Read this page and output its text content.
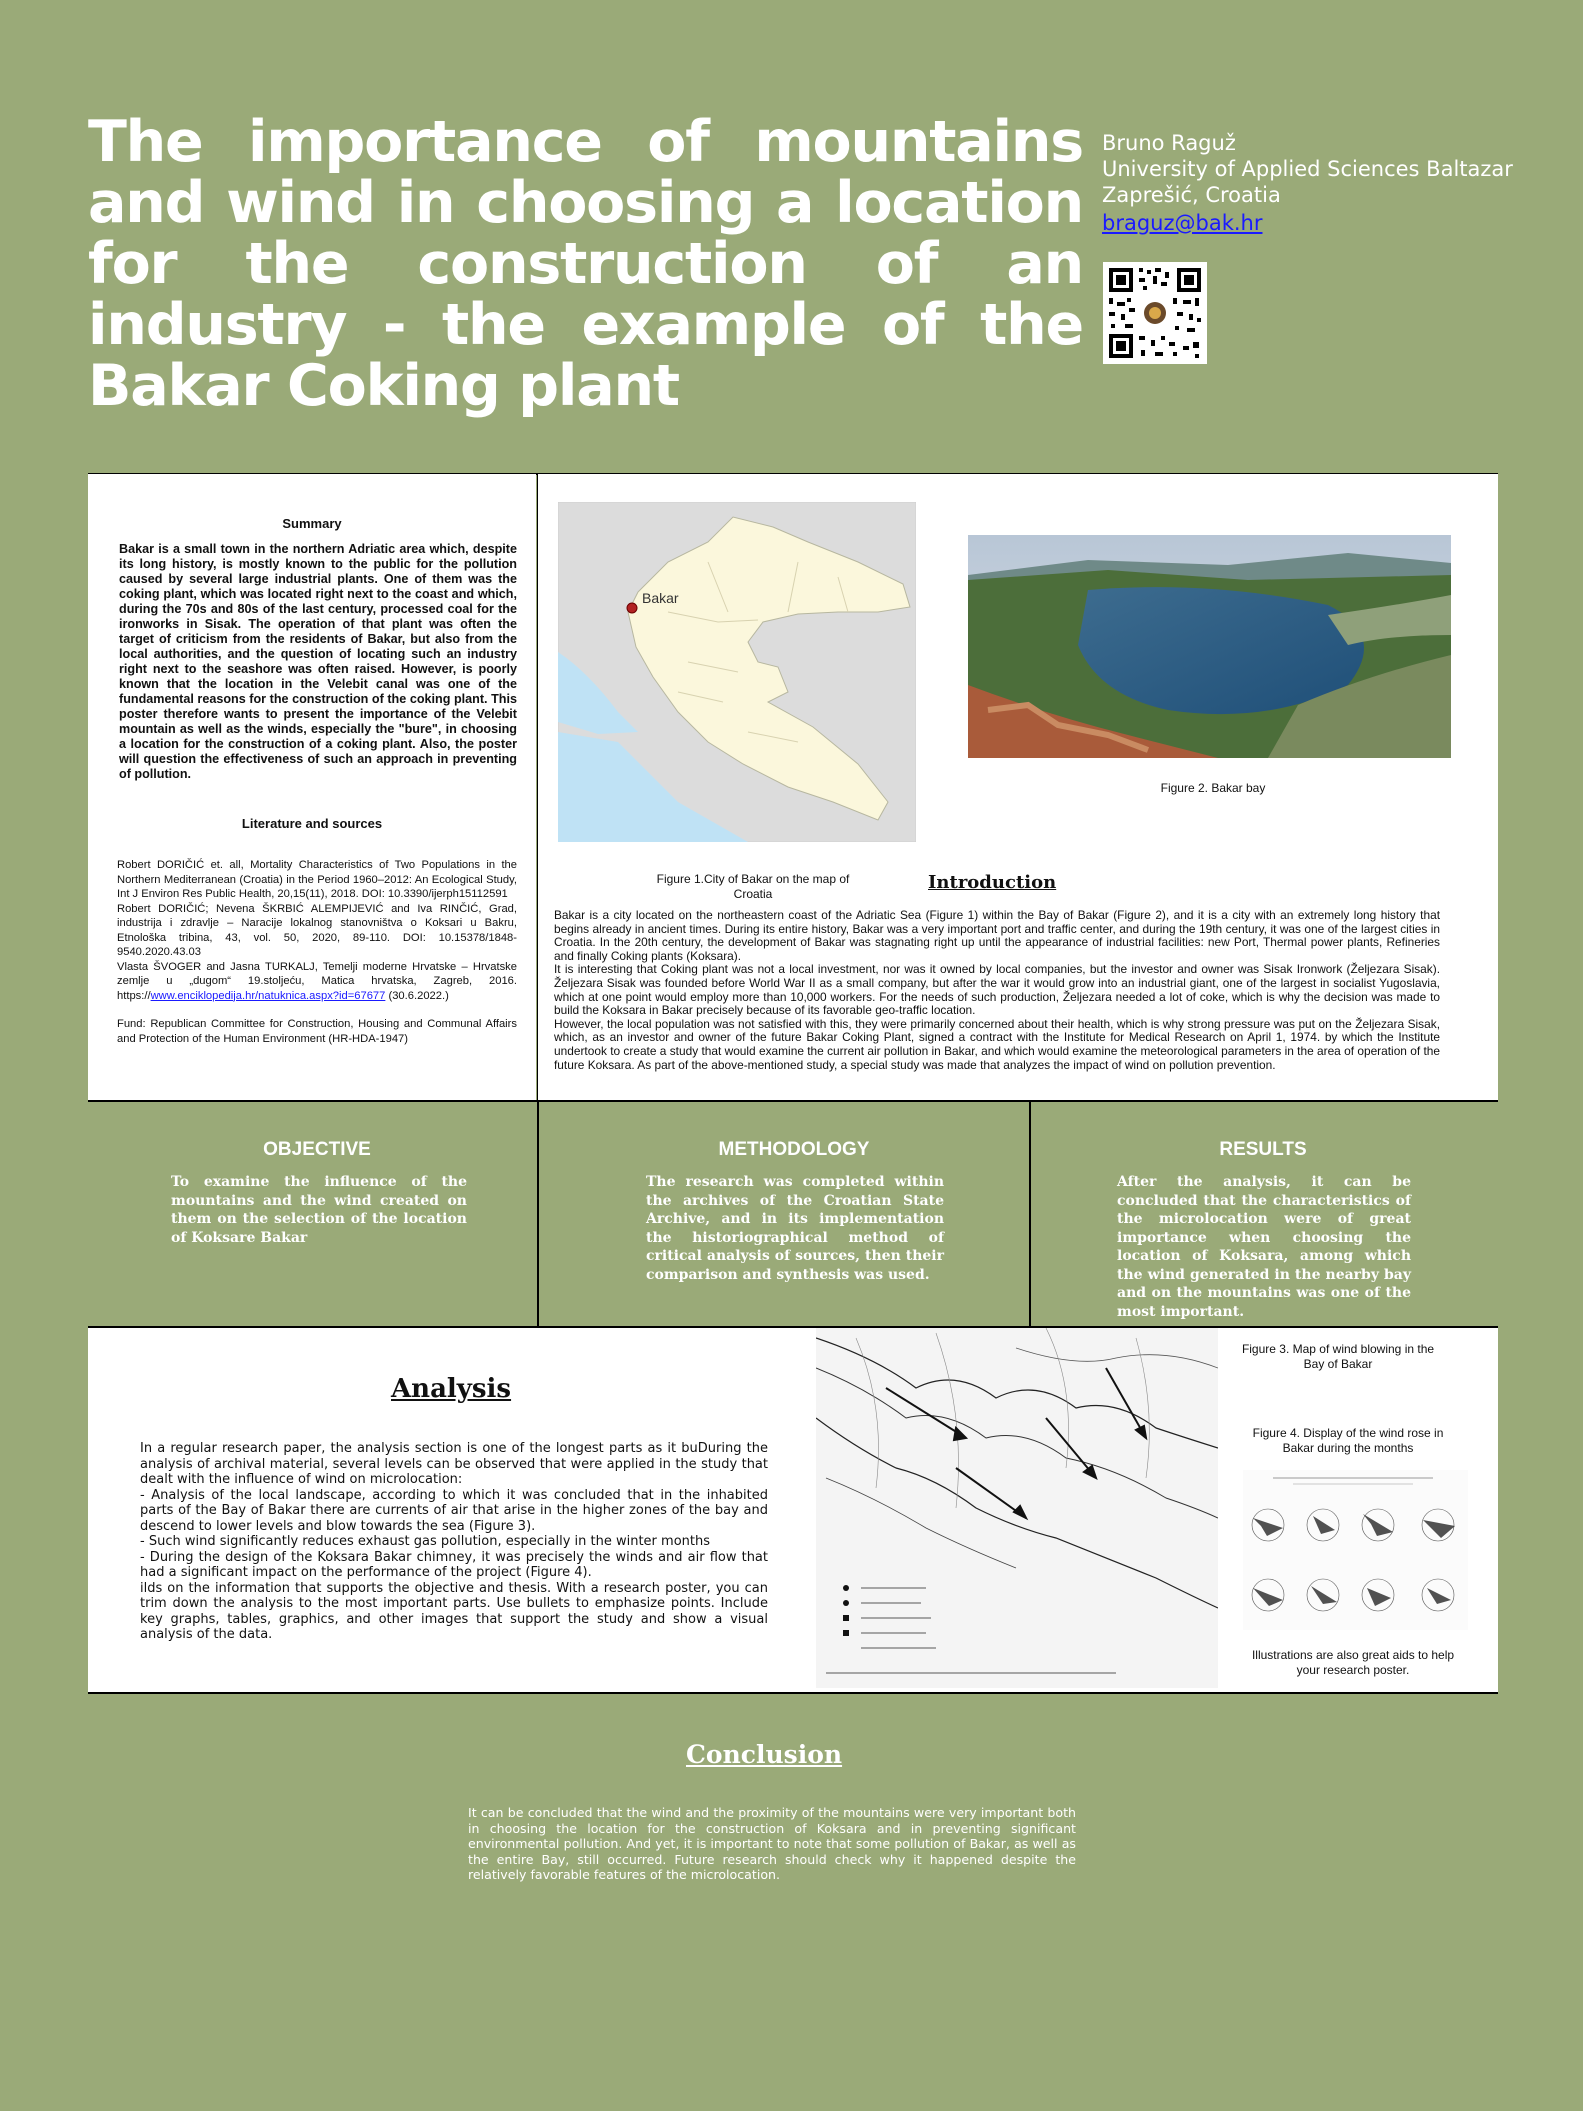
The importance of mountains and wind in choosing a location for the construction of an industry - the example of the Bakar Coking plant
Bruno Raguž
University of Applied Sciences Baltazar
Zaprešić, Croatia
braguz@bak.hr
Summary
Bakar is a small town in the northern Adriatic area which, despite its long history, is mostly known to the public for the pollution caused by several large industrial plants. One of them was the coking plant, which was located right next to the coast and which, during the 70s and 80s of the last century, processed coal for the ironworks in Sisak. The operation of that plant was often the target of criticism from the residents of Bakar, but also from the local authorities, and the question of locating such an industry right next to the seashore was often raised. However, is poorly known that the location in the Velebit canal was one of the fundamental reasons for the construction of the coking plant. This poster therefore wants to present the importance of the Velebit mountain as well as the winds, especially the "bure", in choosing a location for the construction of a coking plant. Also, the poster will question the effectiveness of such an approach in preventing of pollution.
Literature and sources
Robert DORIČIĆ et. all, Mortality Characteristics of Two Populations in the Northern Mediterranean (Croatia) in the Period 1960–2012: An Ecological Study, Int J Environ Res Public Health, 20,15(11), 2018. DOI: 10.3390/ijerph15112591
Robert DORIČIĆ; Nevena ŠKRBIĆ ALEMPIJEVIĆ and Iva RINČIĆ, Grad, industrija i zdravlje – Naracije lokalnog stanovništva o Koksari u Bakru, Etnološka tribina, 43, vol. 50, 2020, 89-110. DOI: 10.15378/1848-9540.2020.43.03
Vlasta ŠVOGER and Jasna TURKALJ, Temelji moderne Hrvatske – Hrvatske zemlje u „dugom“ 19.stoljeću, Matica hrvatska, Zagreb, 2016. https://www.enciklopedija.hr/natuknica.aspx?id=67677 (30.6.2022.)
Fund: Republican Committee for Construction, Housing and Communal Affairs and Protection of the Human Environment (HR-HDA-1947)
Bakar
Figure 1.City of Bakar on the map of Croatia
Figure 2. Bakar bay
Introduction
Bakar is a city located on the northeastern coast of the Adriatic Sea (Figure 1) within the Bay of Bakar (Figure 2), and it is a city with an extremely long history that begins already in ancient times. During its entire history, Bakar was a very important port and traffic center, and during the 19th century, it was one of the largest cities in Croatia. In the 20th century, the development of Bakar was stagnating right up until the appearance of industrial facilities: new Port, Thermal power plants, Refineries and finally Coking plants (Koksara).
It is interesting that Coking plant was not a local investment, nor was it owned by local companies, but the investor and owner was Sisak Ironwork (Željezara Sisak). Željezara Sisak was founded before World War II as a small company, but after the war it would grow into an industrial giant, one of the largest in socialist Yugoslavia, which at one point would employ more than 10,000 workers. For the needs of such production, Željezara needed a lot of coke, which is why the decision was made to build the Koksara in Bakar precisely because of its favorable geo-traffic location.
However, the local population was not satisfied with this, they were primarily concerned about their health, which is why strong pressure was put on the Željezara Sisak, which, as an investor and owner of the future Bakar Coking Plant, signed a contract with the Institute for Medical Research on April 1, 1974. by which the Institute undertook to create a study that would examine the current air pollution in Bakar, and which would examine the meteorological parameters in the area of operation of the future Koksara. As part of the above-mentioned study, a special study was made that analyzes the impact of wind on pollution prevention.
OBJECTIVE
To examine the influence of the mountains and the wind created on them on the selection of the location of Koksare Bakar
METHODOLOGY
The research was completed within the archives of the Croatian State Archive, and in its implementation the historiographical method of critical analysis of sources, then their comparison and synthesis was used.
RESULTS
After the analysis, it can be concluded that the characteristics of the microlocation were of great importance when choosing the location of Koksara, among which the wind generated in the nearby bay and on the mountains was one of the most important.
Analysis
In a regular research paper, the analysis section is one of the longest parts as it buDuring the analysis of archival material, several levels can be observed that were applied in the study that dealt with the influence of wind on microlocation:
- Analysis of the local landscape, according to which it was concluded that in the inhabited parts of the Bay of Bakar there are currents of air that arise in the higher zones of the bay and descend to lower levels and blow towards the sea (Figure 3).
- Such wind significantly reduces exhaust gas pollution, especially in the winter months
- During the design of the Koksara Bakar chimney, it was precisely the winds and air flow that had a significant impact on the performance of the project (Figure 4).
ilds on the information that supports the objective and thesis. With a research poster, you can trim down the analysis to the most important parts. Use bullets to emphasize points. Include key graphs, tables, graphics, and other images that support the study and show a visual analysis of the data.
Figure 3. Map of wind blowing in the Bay of Bakar
Figure 4. Display of the wind rose in Bakar during the months
Illustrations are also great aids to help your research poster.
Conclusion
It can be concluded that the wind and the proximity of the mountains were very important both in choosing the location for the construction of Koksara and in preventing significant environmental pollution. And yet, it is important to note that some pollution of Bakar, as well as the entire Bay, still occurred. Future research should check why it happened despite the relatively favorable features of the microlocation.
